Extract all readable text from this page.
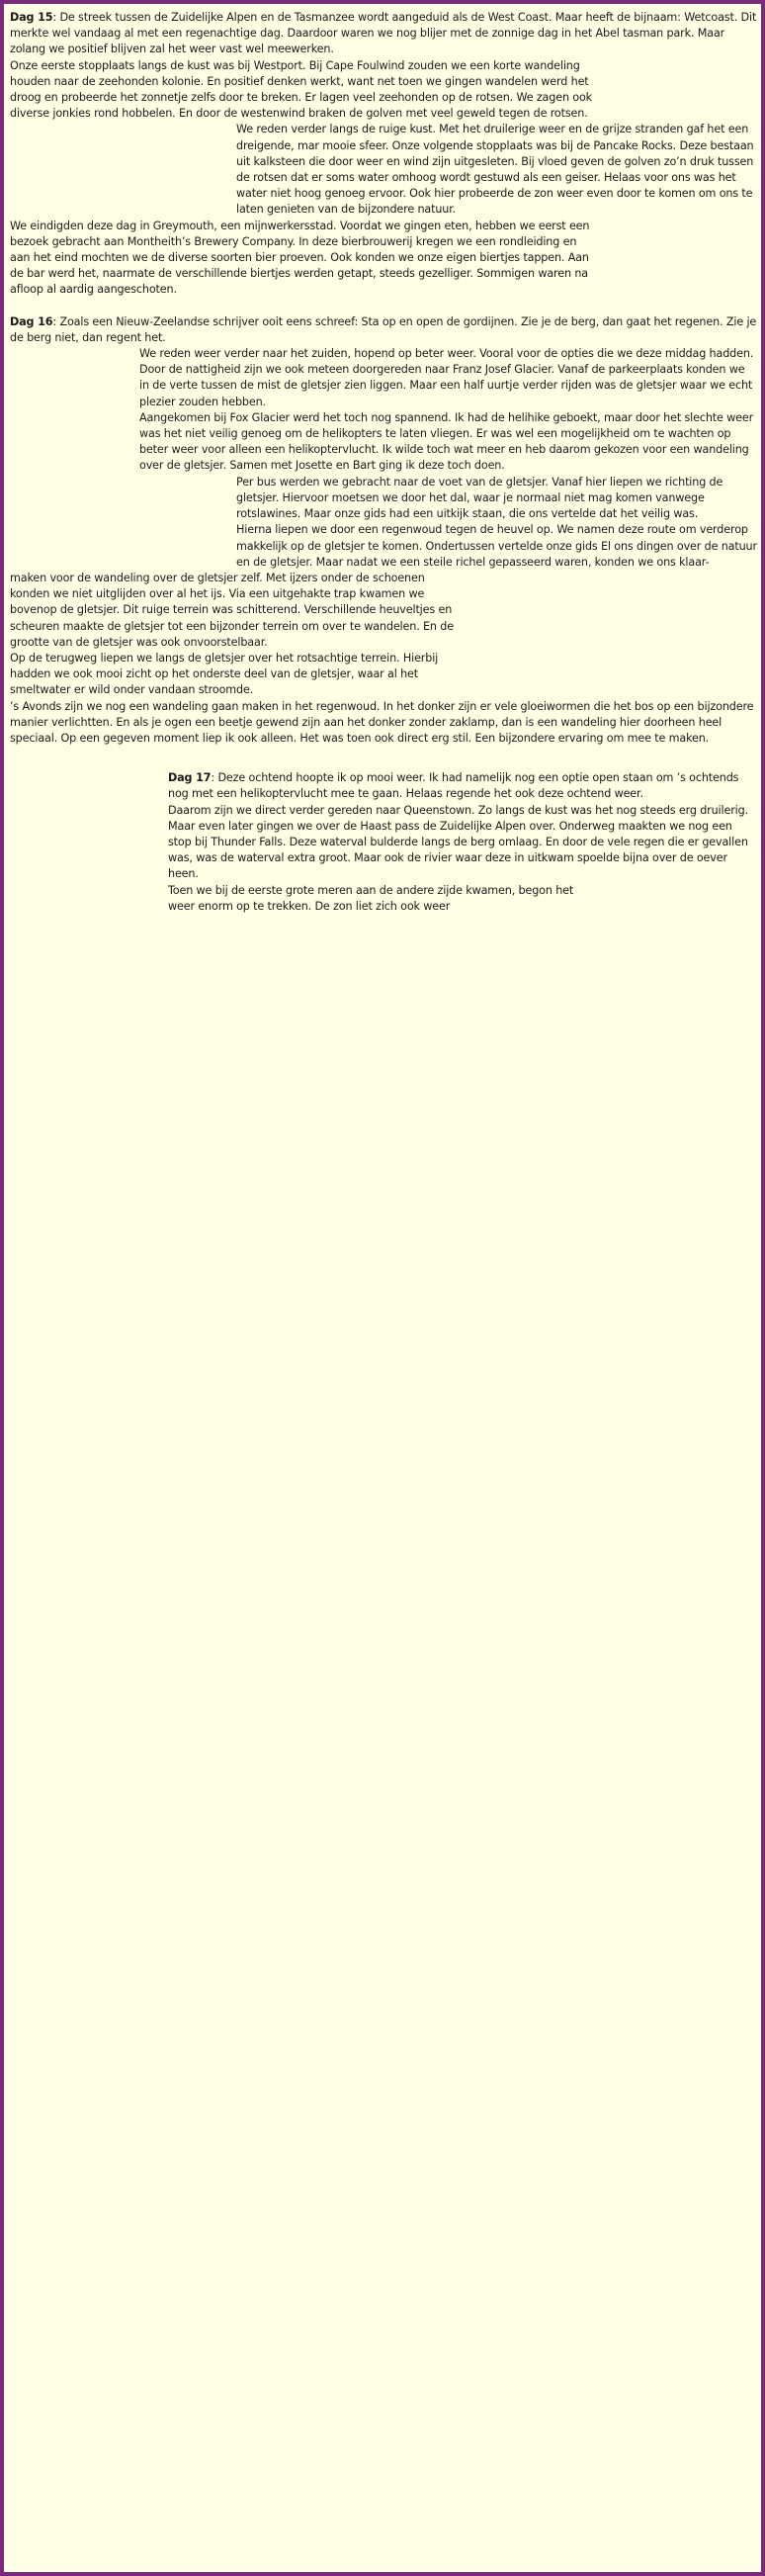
Dag 15: De streek tussen de Zuidelijke Alpen en de Tasmanzee wordt aangeduid als de West Coast. Maar heeft de bijnaam: Wetcoast. Dit merkte wel vandaag al met een regenachtige dag. Daardoor waren we nog blijer met de zonnige dag in het Abel tasman park. Maar zolang we positief blijven zal het weer vast wel meewerken.

Onze eerste stopplaats langs de kust was bij Westport. Bij Cape Foulwind zouden we een korte wandeling houden naar de zeehonden kolonie. En positief denken werkt, want net toen we gingen wandelen werd het droog en probeerde het zonnetje zelfs door te breken. Er lagen veel zeehonden op de rotsen. We zagen ook diverse jonkies rond hobbelen. En door de westenwind braken de golven met veel geweld tegen de rotsen.

We reden verder langs de ruige kust. Met het druilerige weer en de grijze stranden gaf het een dreigende, mar mooie sfeer. Onze volgende stopplaats was bij de Pancake Rocks. Deze bestaan uit kalksteen die door weer en wind zijn uitgesleten. Bij vloed geven de golven zo’n druk tussen de rotsen dat er soms water omhoog wordt gestuwd als een geiser. Helaas voor ons was het water niet hoog genoeg ervoor. Ook hier probeerde de zon weer even door te komen om ons te laten genieten van de bijzondere natuur.

We eindigden deze dag in Greymouth, een mijnwerkersstad. Voordat we gingen eten, hebben we eerst een bezoek gebracht aan Montheith’s Brewery Company. In deze bierbrouwerij kregen we een rondleiding en aan het eind mochten we de diverse soorten bier proeven. Ook konden we onze eigen biertjes tappen. Aan de bar werd het, naarmate de verschillende biertjes werden getapt, steeds gezelliger. Sommigen waren na afloop al aardig aangeschoten.

Dag 16: Zoals een Nieuw-Zeelandse schrijver ooit eens schreef: Sta op en open de gordijnen. Zie je de berg, dan gaat het regenen. Zie je de berg niet, dan regent het.

We reden weer verder naar het zuiden, hopend op beter weer. Vooral voor de opties die we deze middag hadden. Door de nattigheid zijn we ook meteen doorgereden naar Franz Josef Glacier. Vanaf de parkeerplaats konden we in de verte tussen de mist de gletsjer zien liggen. Maar een half uurtje verder rijden was de gletsjer waar we echt plezier zouden hebben.

Aangekomen bij Fox Glacier werd het toch nog spannend. Ik had de helihike geboekt, maar door het slechte weer was het niet veilig genoeg om de helikopters te laten vliegen. Er was wel een mogelijkheid om te wachten op beter weer voor alleen een helikoptervlucht. Ik wilde toch wat meer en heb daarom gekozen voor een wandeling over de gletsjer. Samen met Josette en Bart ging ik deze toch doen.

Per bus werden we gebracht naar de voet van de gletsjer. Vanaf hier liepen we richting de gletsjer. Hiervoor moetsen we door het dal, waar je normaal niet mag komen vanwege rotslawines. Maar onze gids had een uitkijk staan, die ons vertelde dat het veilig was.

Hierna liepen we door een regenwoud tegen de heuvel op. We namen deze route om verderop makkelijk op de gletsjer te komen. Ondertussen vertelde onze gids El ons dingen over de natuur en de gletsjer. Maar nadat we een steile richel gepasseerd waren, konden we ons klaar-

maken voor de wandeling over de gletsjer zelf. Met ijzers onder de schoenen konden we niet uitglijden over al het ijs. Via een uitgehakte trap kwamen we bovenop de gletsjer. Dit ruige terrein was schitterend. Verschillende heuveltjes en scheuren maakte de gletsjer tot een bijzonder terrein om over te wandelen. En de grootte van de gletsjer was ook onvoorstelbaar.

Op de terugweg liepen we langs de gletsjer over het rotsachtige terrein. Hierbij hadden we ook mooi zicht op het onderste deel van de gletsjer, waar al het smeltwater er wild onder vandaan stroomde.

’s Avonds zijn we nog een wandeling gaan maken in het regenwoud. In het donker zijn er vele gloeiwormen die het bos op een bijzondere manier verlichtten. En als je ogen een beetje gewend zijn aan het donker zonder zaklamp, dan is een wandeling hier doorheen heel speciaal. Op een gegeven moment liep ik ook alleen. Het was toen ook direct erg stil. Een bijzondere ervaring om mee te maken.

Dag 17: Deze ochtend hoopte ik op mooi weer. Ik had namelijk nog een optie open staan om ’s ochtends nog met een helikoptervlucht mee te gaan. Helaas regende het ook deze ochtend weer.

Daarom zijn we direct verder gereden naar Queenstown. Zo langs de kust was het nog steeds erg druilerig. Maar even later gingen we over de Haast pass de Zuidelijke Alpen over. Onderweg maakten we nog een stop bij Thunder Falls. Deze waterval bulderde langs de berg omlaag. En door de vele regen die er gevallen was, was de waterval extra groot. Maar ook de rivier waar deze in uitkwam spoelde bijna over de oever heen.

Toen we bij de eerste grote meren aan de andere zijde kwamen, begon het weer enorm op te trekken. De zon liet zich ook weer
